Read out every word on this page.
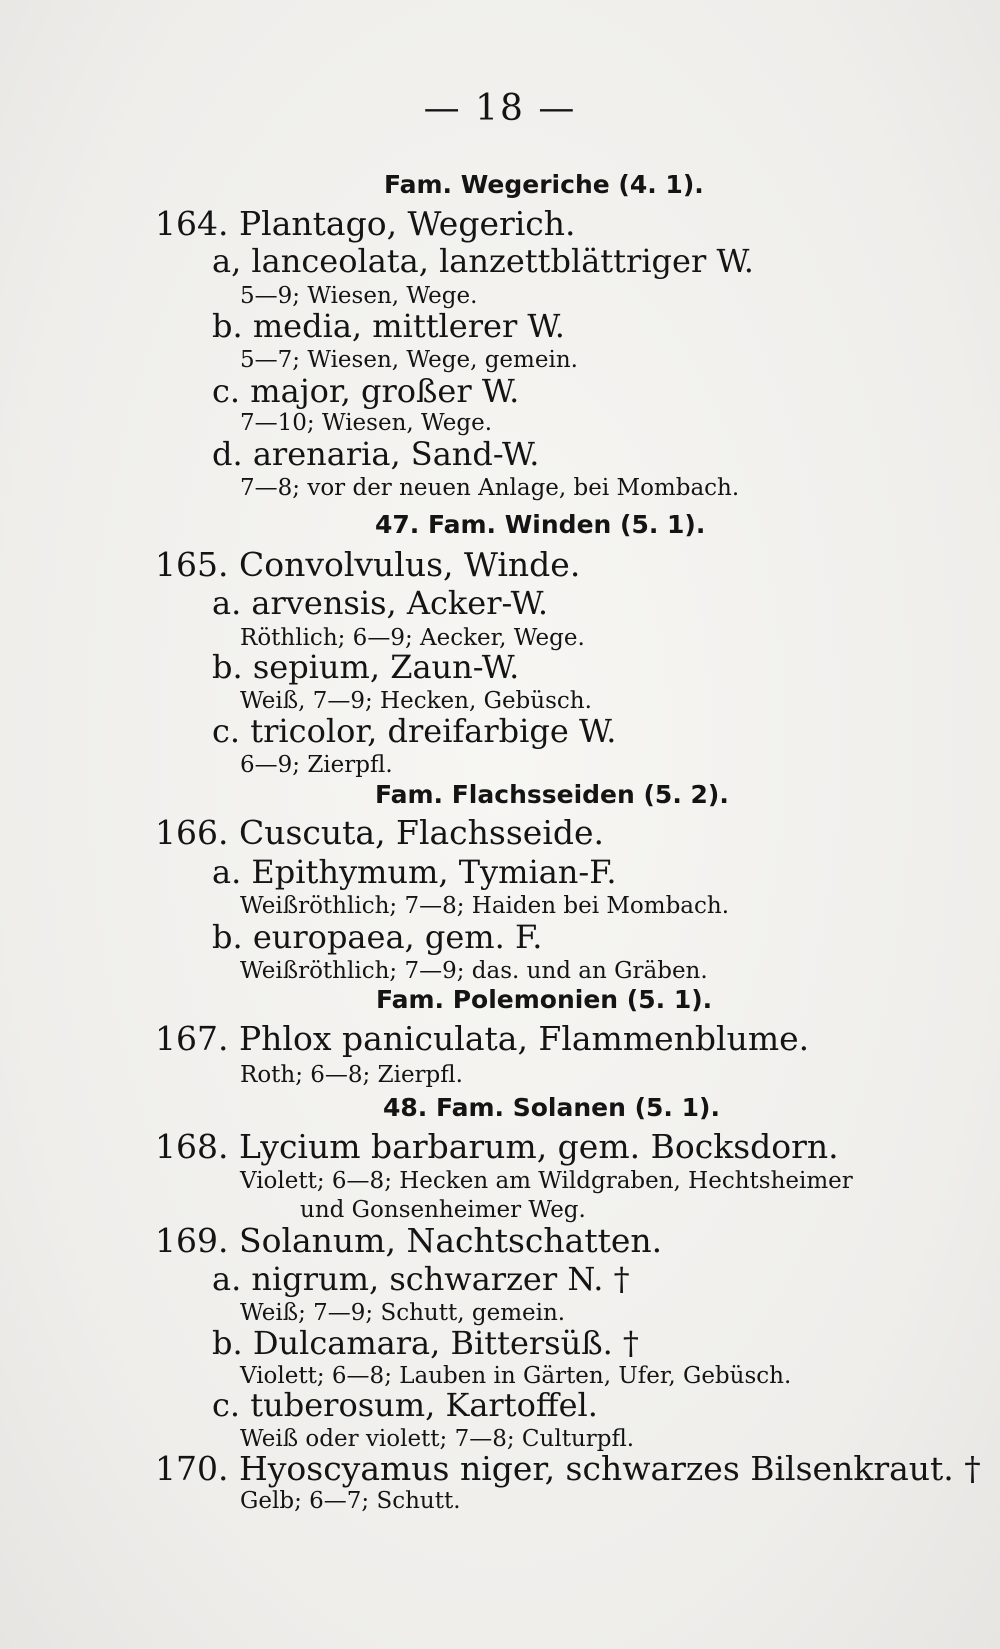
— 18 —
Fam. Wegeriche (4. 1).
164. Plantago, Wegerich.
a, lanceolata, lanzettblättriger W.
5—9; Wiesen, Wege.
b. media, mittlerer W.
5—7; Wiesen, Wege, gemein.
c. major, großer W.
7—10; Wiesen, Wege.
d. arenaria, Sand-W.
7—8; vor der neuen Anlage, bei Mombach.
47. Fam. Winden (5. 1).
165. Convolvulus, Winde.
a. arvensis, Acker-W.
Röthlich; 6—9; Aecker, Wege.
b. sepium, Zaun-W.
Weiß, 7—9; Hecken, Gebüsch.
c. tricolor, dreifarbige W.
6—9; Zierpfl.
Fam. Flachsseiden (5. 2).
166. Cuscuta, Flachsseide.
a. Epithymum, Tymian-F.
Weißröthlich; 7—8; Haiden bei Mombach.
b. europaea, gem. F.
Weißröthlich; 7—9; das. und an Gräben.
Fam. Polemonien (5. 1).
167. Phlox paniculata, Flammenblume.
Roth; 6—8; Zierpfl.
48. Fam. Solanen (5. 1).
168. Lycium barbarum, gem. Bocksdorn.
Violett; 6—8; Hecken am Wildgraben, Hechtsheimer
und Gonsenheimer Weg.
169. Solanum, Nachtschatten.
a. nigrum, schwarzer N. †
Weiß; 7—9; Schutt, gemein.
b. Dulcamara, Bittersüß. †
Violett; 6—8; Lauben in Gärten, Ufer, Gebüsch.
c. tuberosum, Kartoffel.
Weiß oder violett; 7—8; Culturpfl.
170. Hyoscyamus niger, schwarzes Bilsenkraut. †
Gelb; 6—7; Schutt.
